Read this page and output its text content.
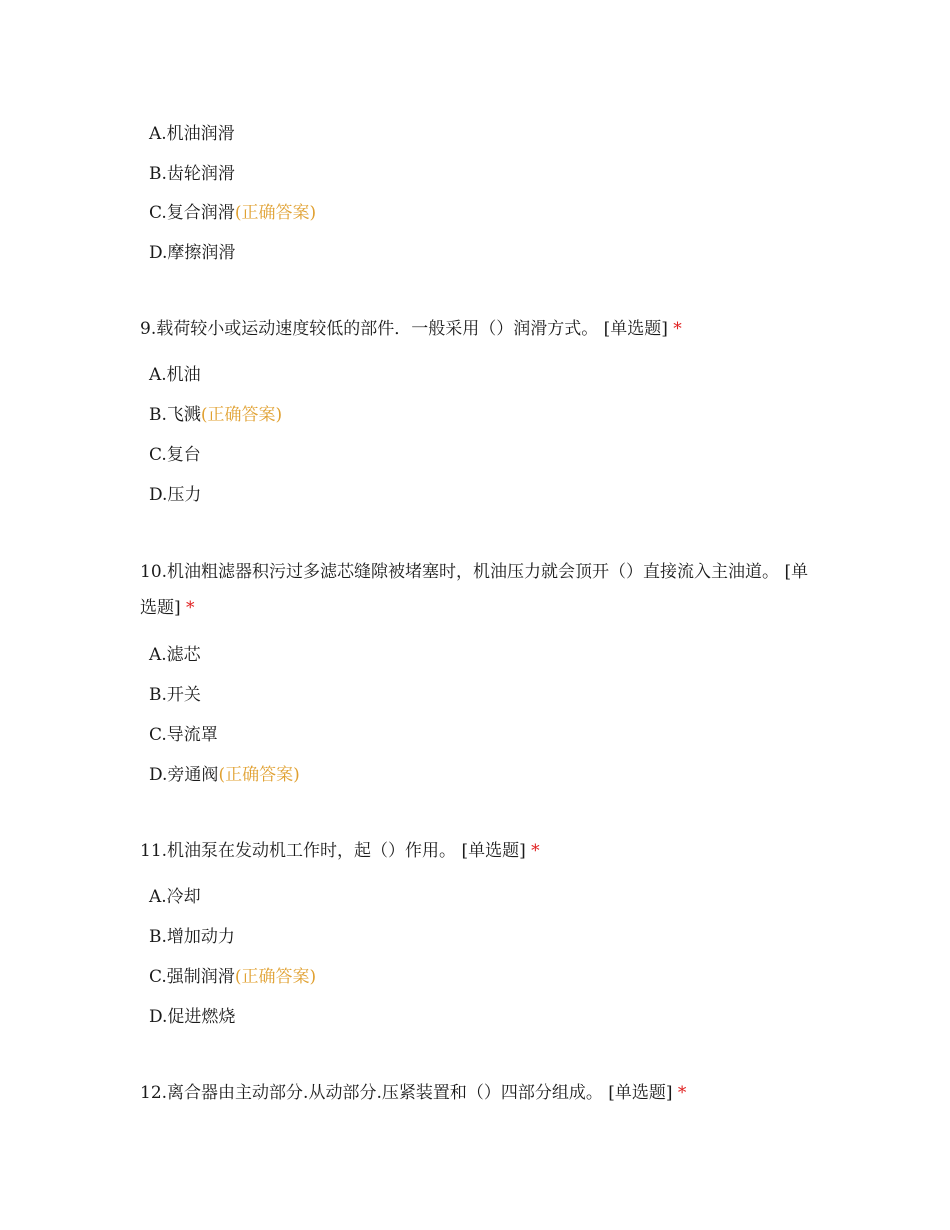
A.机油润滑
B.齿轮润滑
C.复合润滑(正确答案)
D.摩擦润滑
9.载荷较小或运动速度较低的部件．一般采用（）润滑方式。 [单选题] *
A.机油
B.飞溅(正确答案)
C.复台
D.压力
10.机油粗滤器积污过多滤芯缝隙被堵塞时，机油压力就会顶开（）直接流入主油道。 [单选题] *
A.滤芯
B.开关
C.导流罩
D.旁通阀(正确答案)
11.机油泵在发动机工作时，起（）作用。 [单选题] *
A.冷却
B.增加动力
C.强制润滑(正确答案)
D.促进燃烧
12.离合器由主动部分.从动部分.压紧装置和（）四部分组成。 [单选题] *
